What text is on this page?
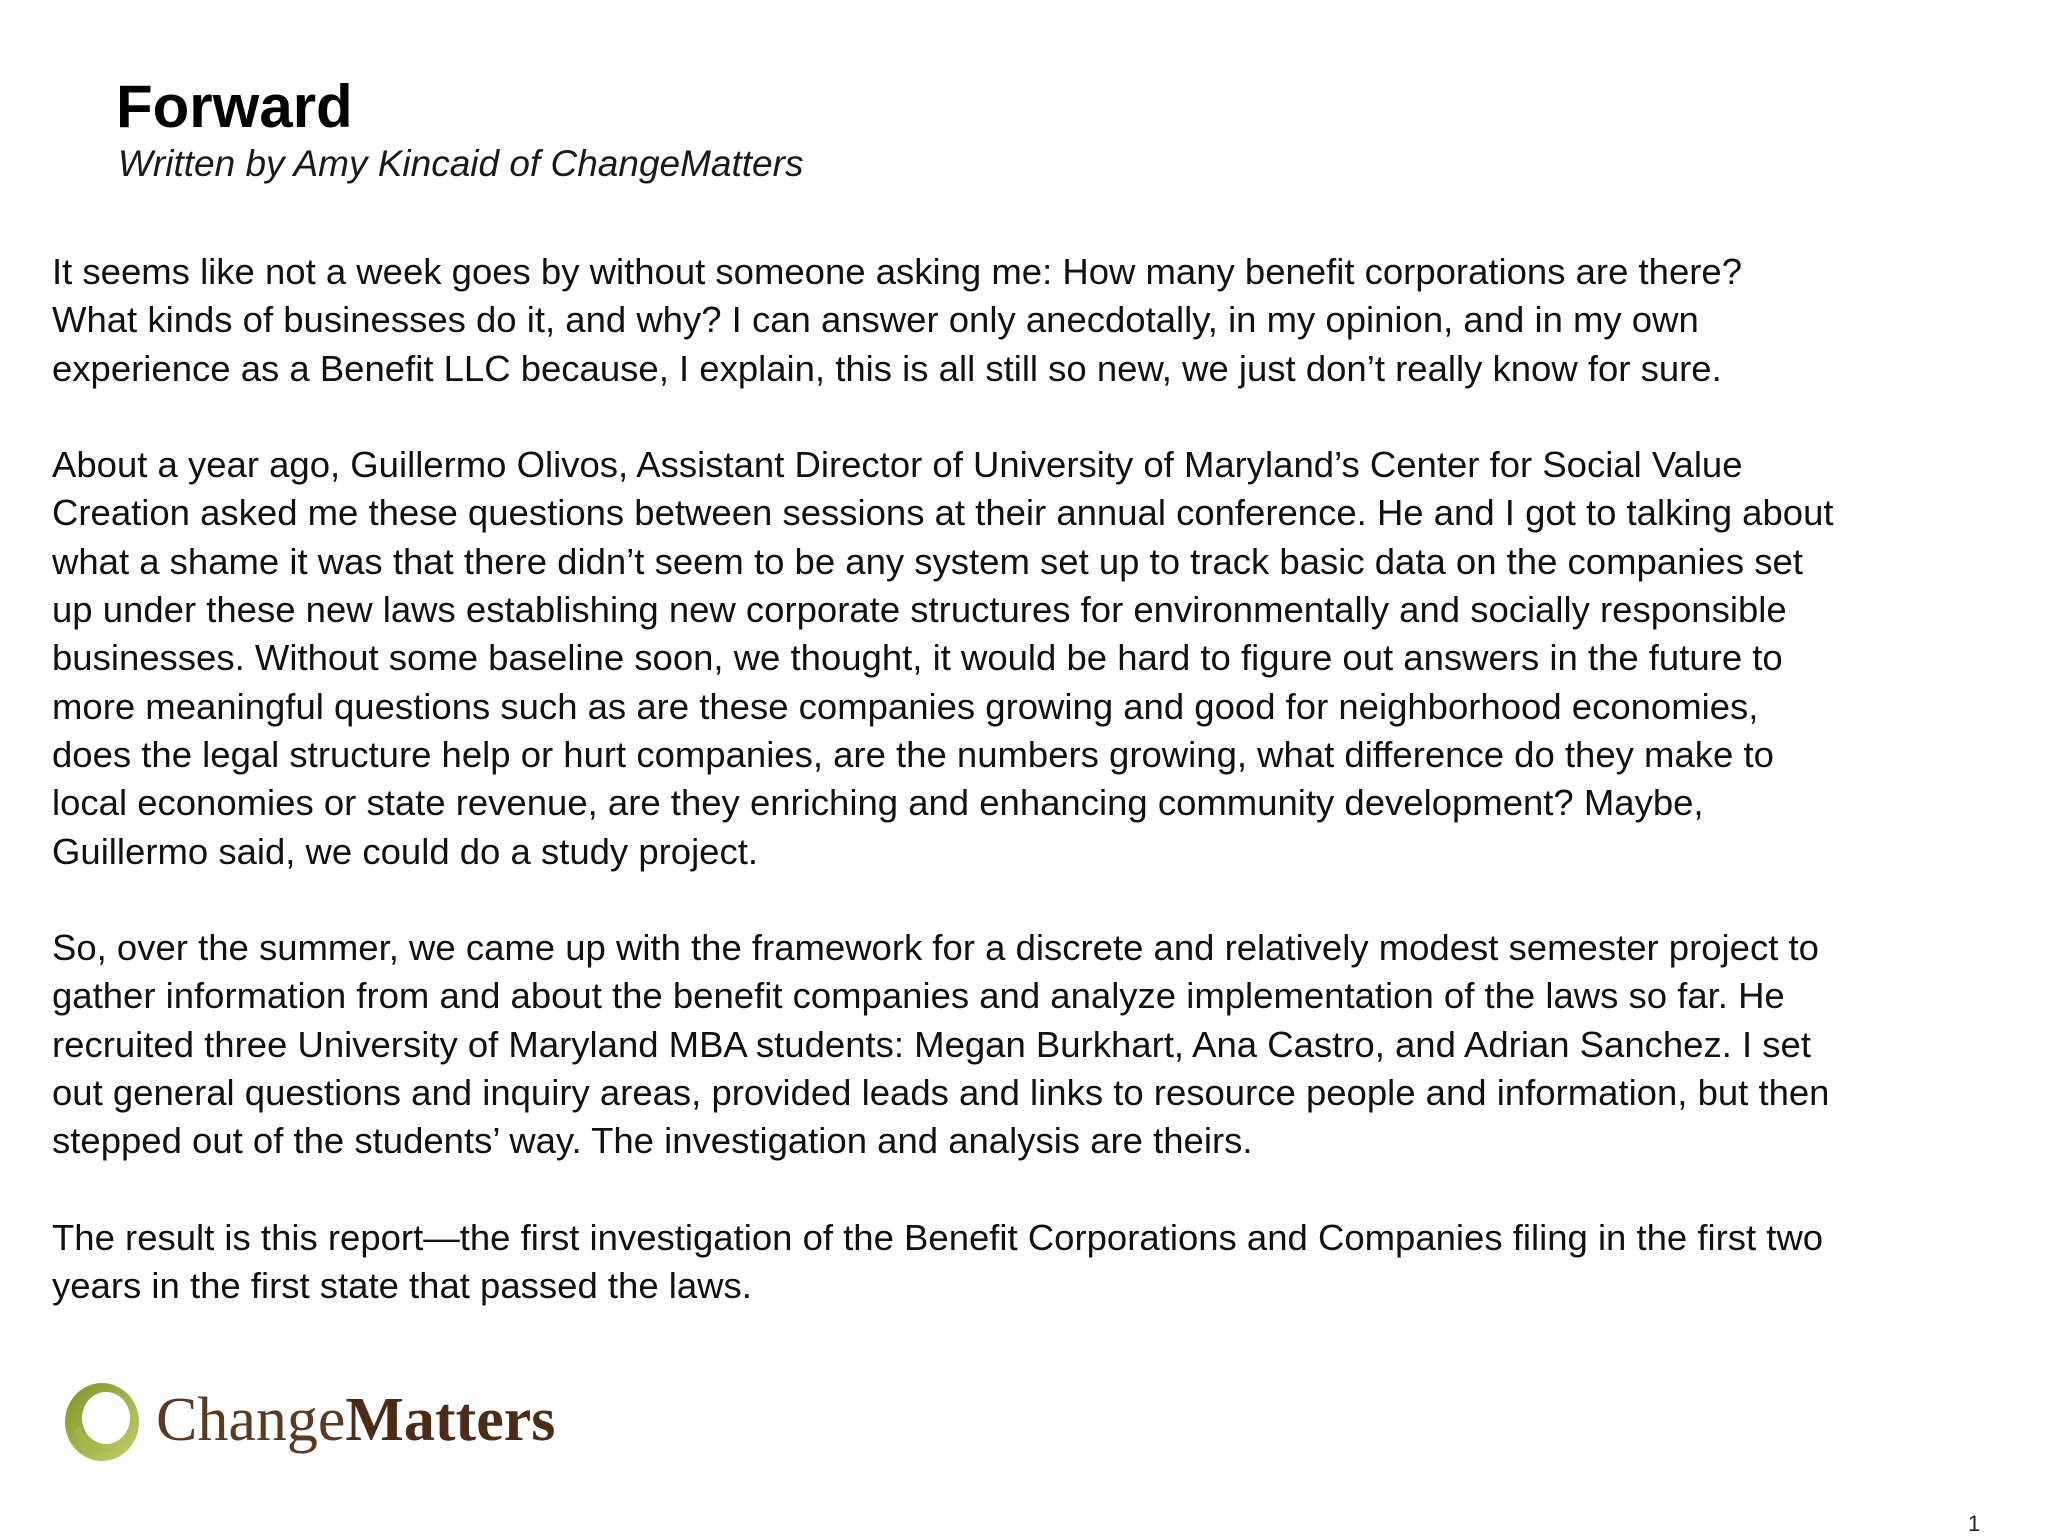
Forward
Written by Amy Kincaid of ChangeMatters

It seems like not a week goes by without someone asking me: How many benefit corporations are there?
What kinds of businesses do it, and why? I can answer only anecdotally, in my opinion, and in my own
experience as a Benefit LLC because, I explain, this is all still so new, we just don’t really know for sure.

About a year ago, Guillermo Olivos, Assistant Director of University of Maryland’s Center for Social Value
Creation asked me these questions between sessions at their annual conference. He and I got to talking about
what a shame it was that there didn’t seem to be any system set up to track basic data on the companies set
up under these new laws establishing new corporate structures for environmentally and socially responsible
businesses. Without some baseline soon, we thought, it would be hard to figure out answers in the future to
more meaningful questions such as are these companies growing and good for neighborhood economies,
does the legal structure help or hurt companies, are the numbers growing, what difference do they make to
local economies or state revenue, are they enriching and enhancing community development? Maybe,
Guillermo said, we could do a study project.

So, over the summer, we came up with the framework for a discrete and relatively modest semester project to
gather information from and about the benefit companies and analyze implementation of the laws so far. He
recruited three University of Maryland MBA students: Megan Burkhart, Ana Castro, and Adrian Sanchez. I set
out general questions and inquiry areas, provided leads and links to resource people and information, but then
stepped out of the students’ way. The investigation and analysis are theirs.

The result is this report—the first investigation of the Benefit Corporations and Companies filing in the first two
years in the first state that passed the laws.

ChangeMatters
1
